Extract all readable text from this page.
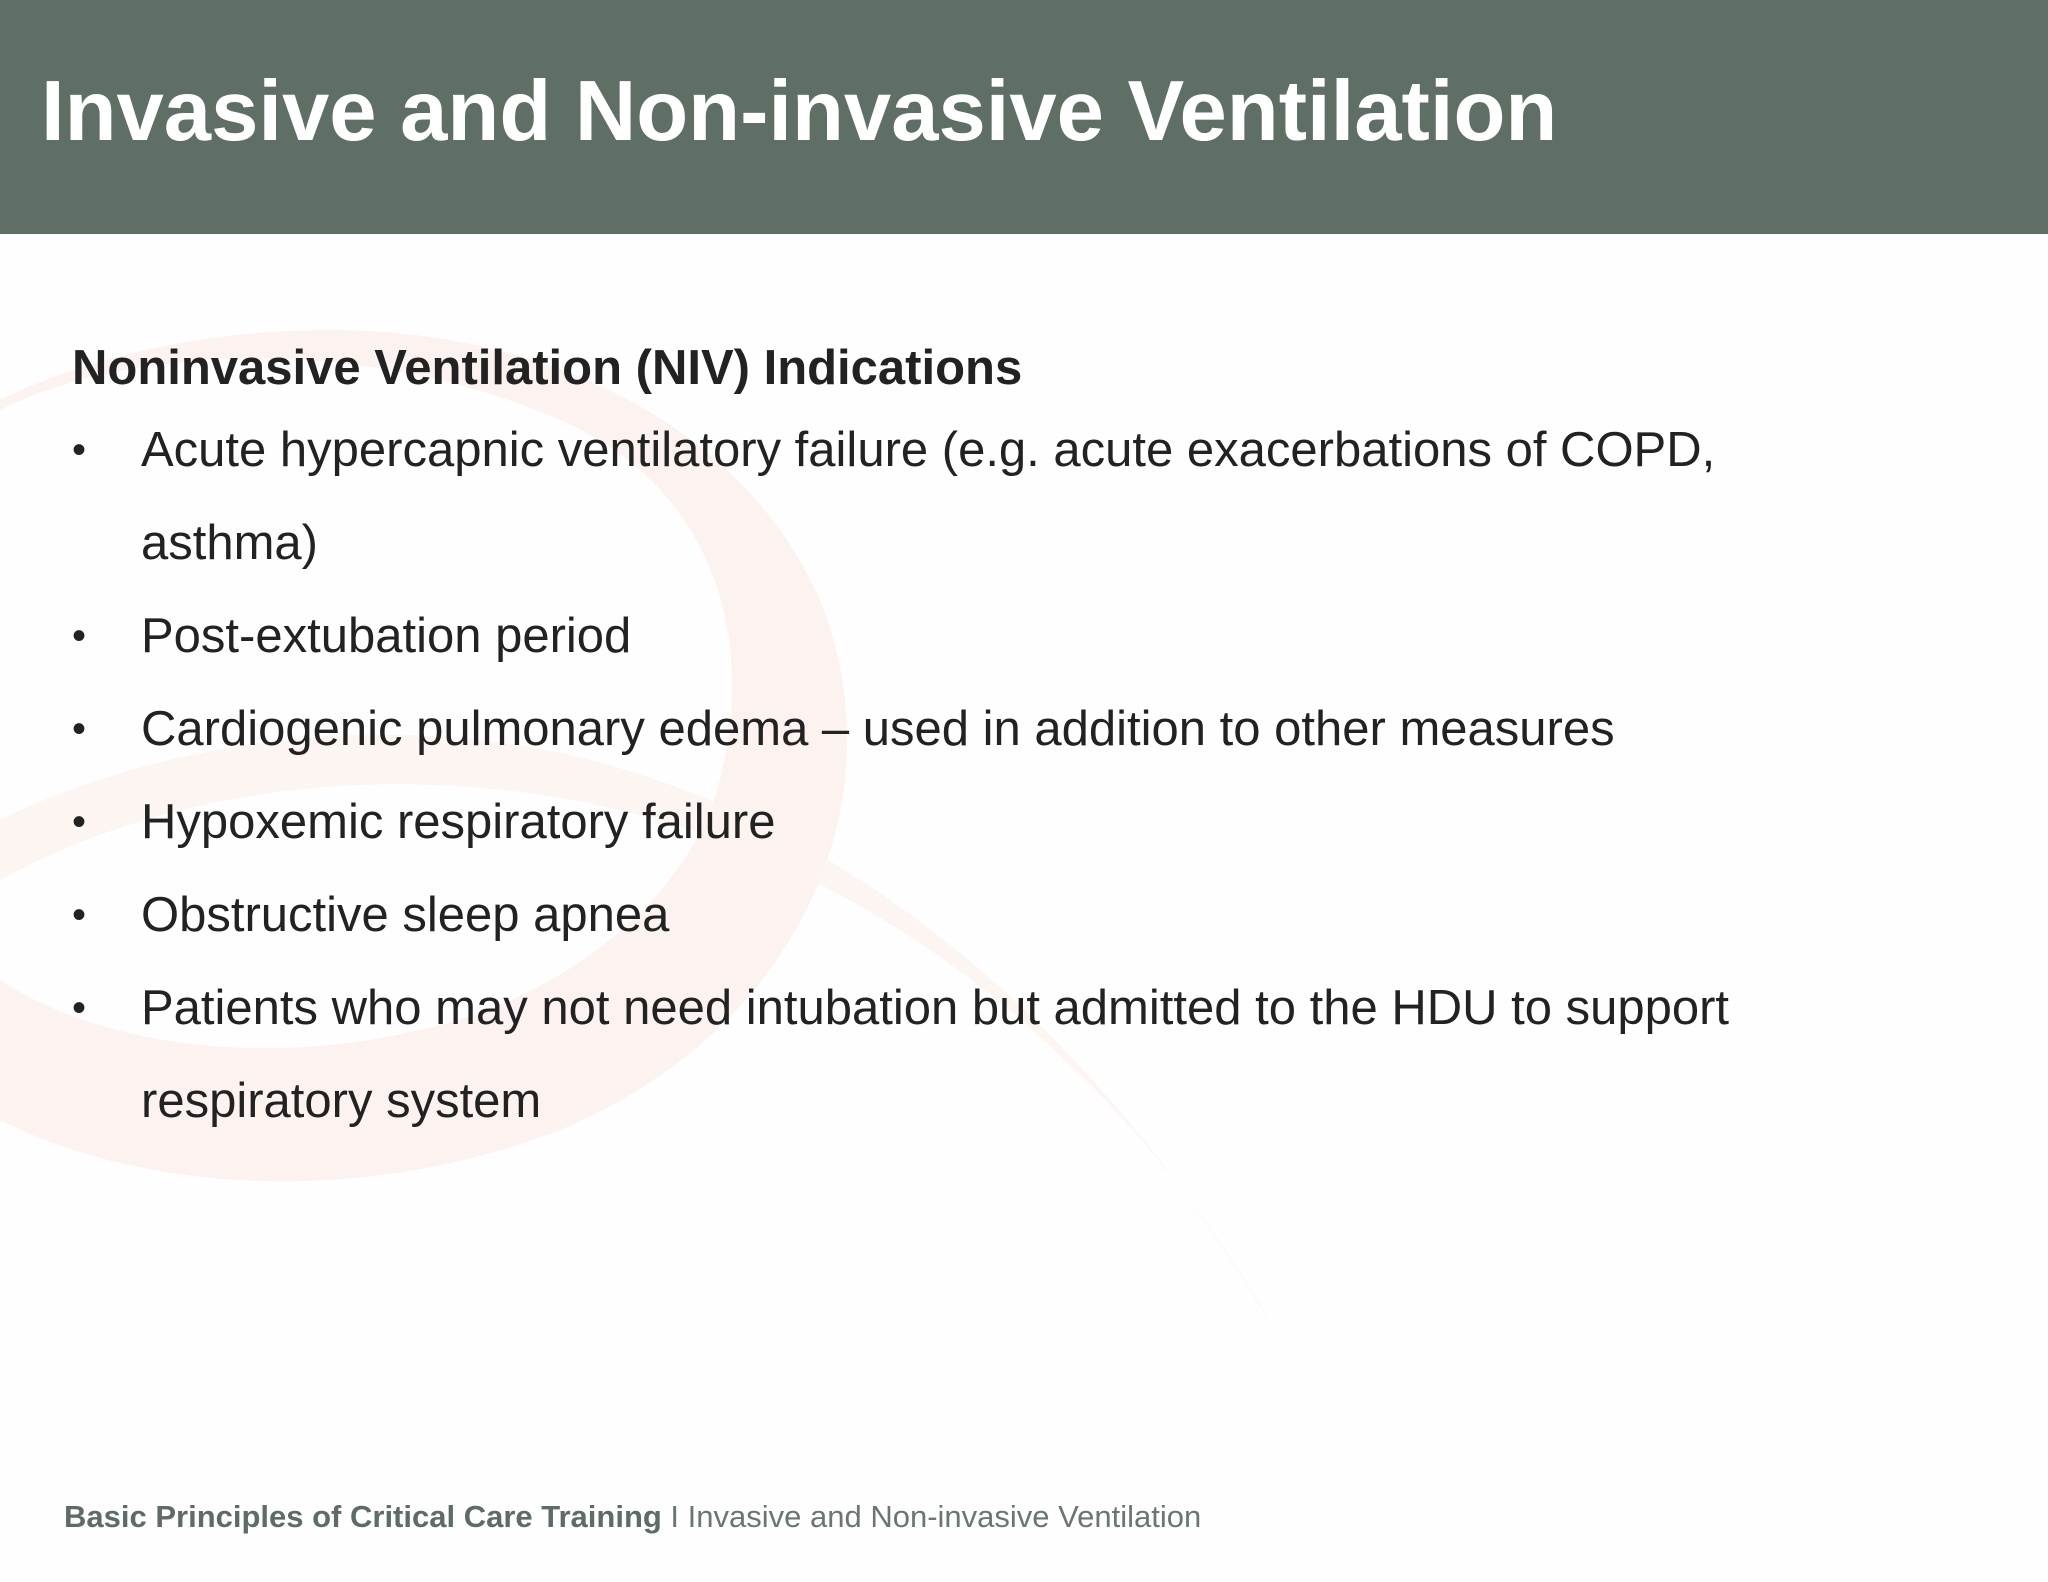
Invasive and Non-invasive Ventilation
Noninvasive Ventilation (NIV) Indications
• Acute hypercapnic ventilatory failure (e.g. acute exacerbations of COPD, asthma)
• Post-extubation period
• Cardiogenic pulmonary edema – used in addition to other measures
• Hypoxemic respiratory failure
• Obstructive sleep apnea
• Patients who may not need intubation but admitted to the HDU to support respiratory system
Basic Principles of Critical Care Training I Invasive and Non-invasive Ventilation
